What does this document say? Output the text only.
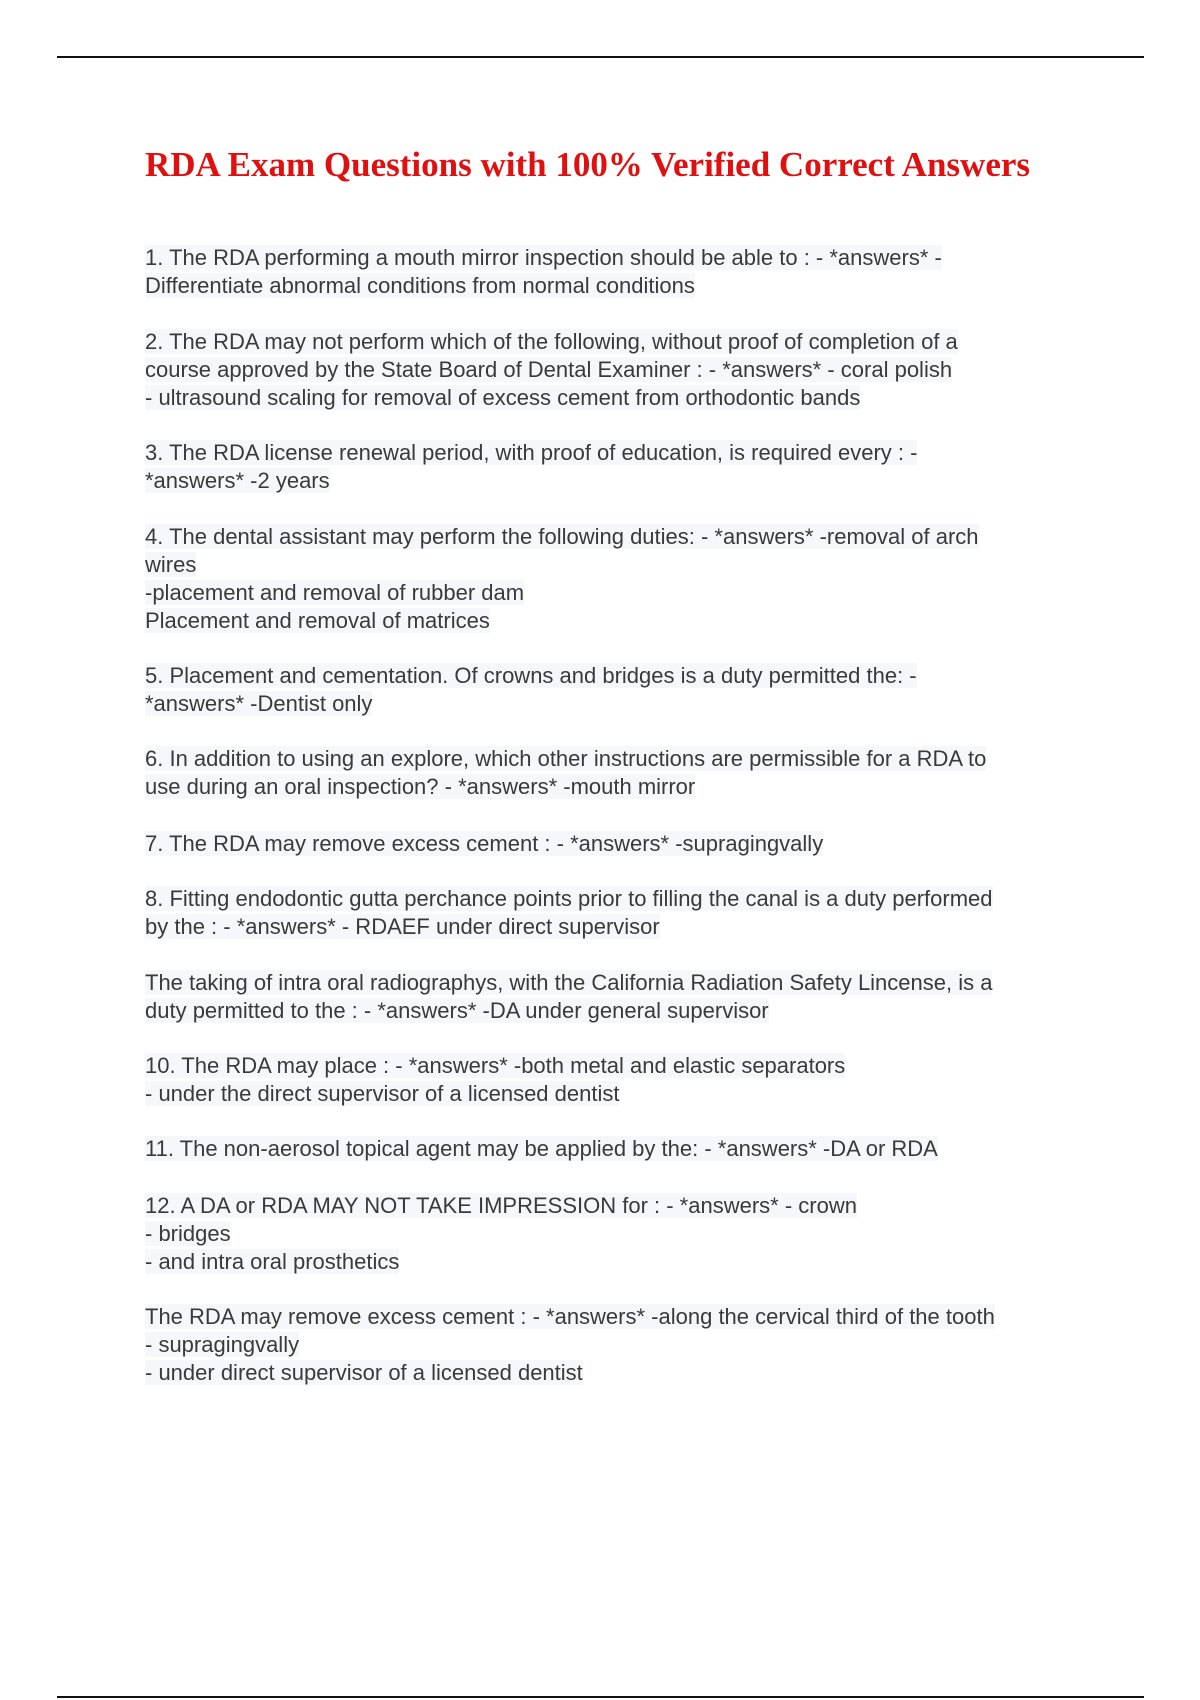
RDA Exam Questions with 100% Verified Correct Answers
1. The RDA performing a mouth mirror inspection should be able to : - *answers* -
Differentiate abnormal conditions from normal conditions
2. The RDA may not perform which of the following, without proof of completion of a
course approved by the State Board of Dental Examiner : - *answers* - coral polish
- ultrasound scaling for removal of excess cement from orthodontic bands
3. The RDA license renewal period, with proof of education, is required every : -
*answers* -2 years
4. The dental assistant may perform the following duties: - *answers* -removal of arch
wires
-placement and removal of rubber dam
Placement and removal of matrices
5. Placement and cementation. Of crowns and bridges is a duty permitted the: -
*answers* -Dentist only
6. In addition to using an explore, which other instructions are permissible for a RDA to
use during an oral inspection? - *answers* -mouth mirror
7. The RDA may remove excess cement : - *answers* -supragingvally
8. Fitting endodontic gutta perchance points prior to filling the canal is a duty performed
by the : - *answers* - RDAEF under direct supervisor
The taking of intra oral radiographys, with the California Radiation Safety Lincense, is a
duty permitted to the : - *answers* -DA under general supervisor
10. The RDA may place : - *answers* -both metal and elastic separators
- under the direct supervisor of a licensed dentist
11. The non-aerosol topical agent may be applied by the: - *answers* -DA or RDA
12. A DA or RDA MAY NOT TAKE IMPRESSION for : - *answers* - crown
- bridges
- and intra oral prosthetics
The RDA may remove excess cement : - *answers* -along the cervical third of the tooth
- supragingvally
- under direct supervisor of a licensed dentist
